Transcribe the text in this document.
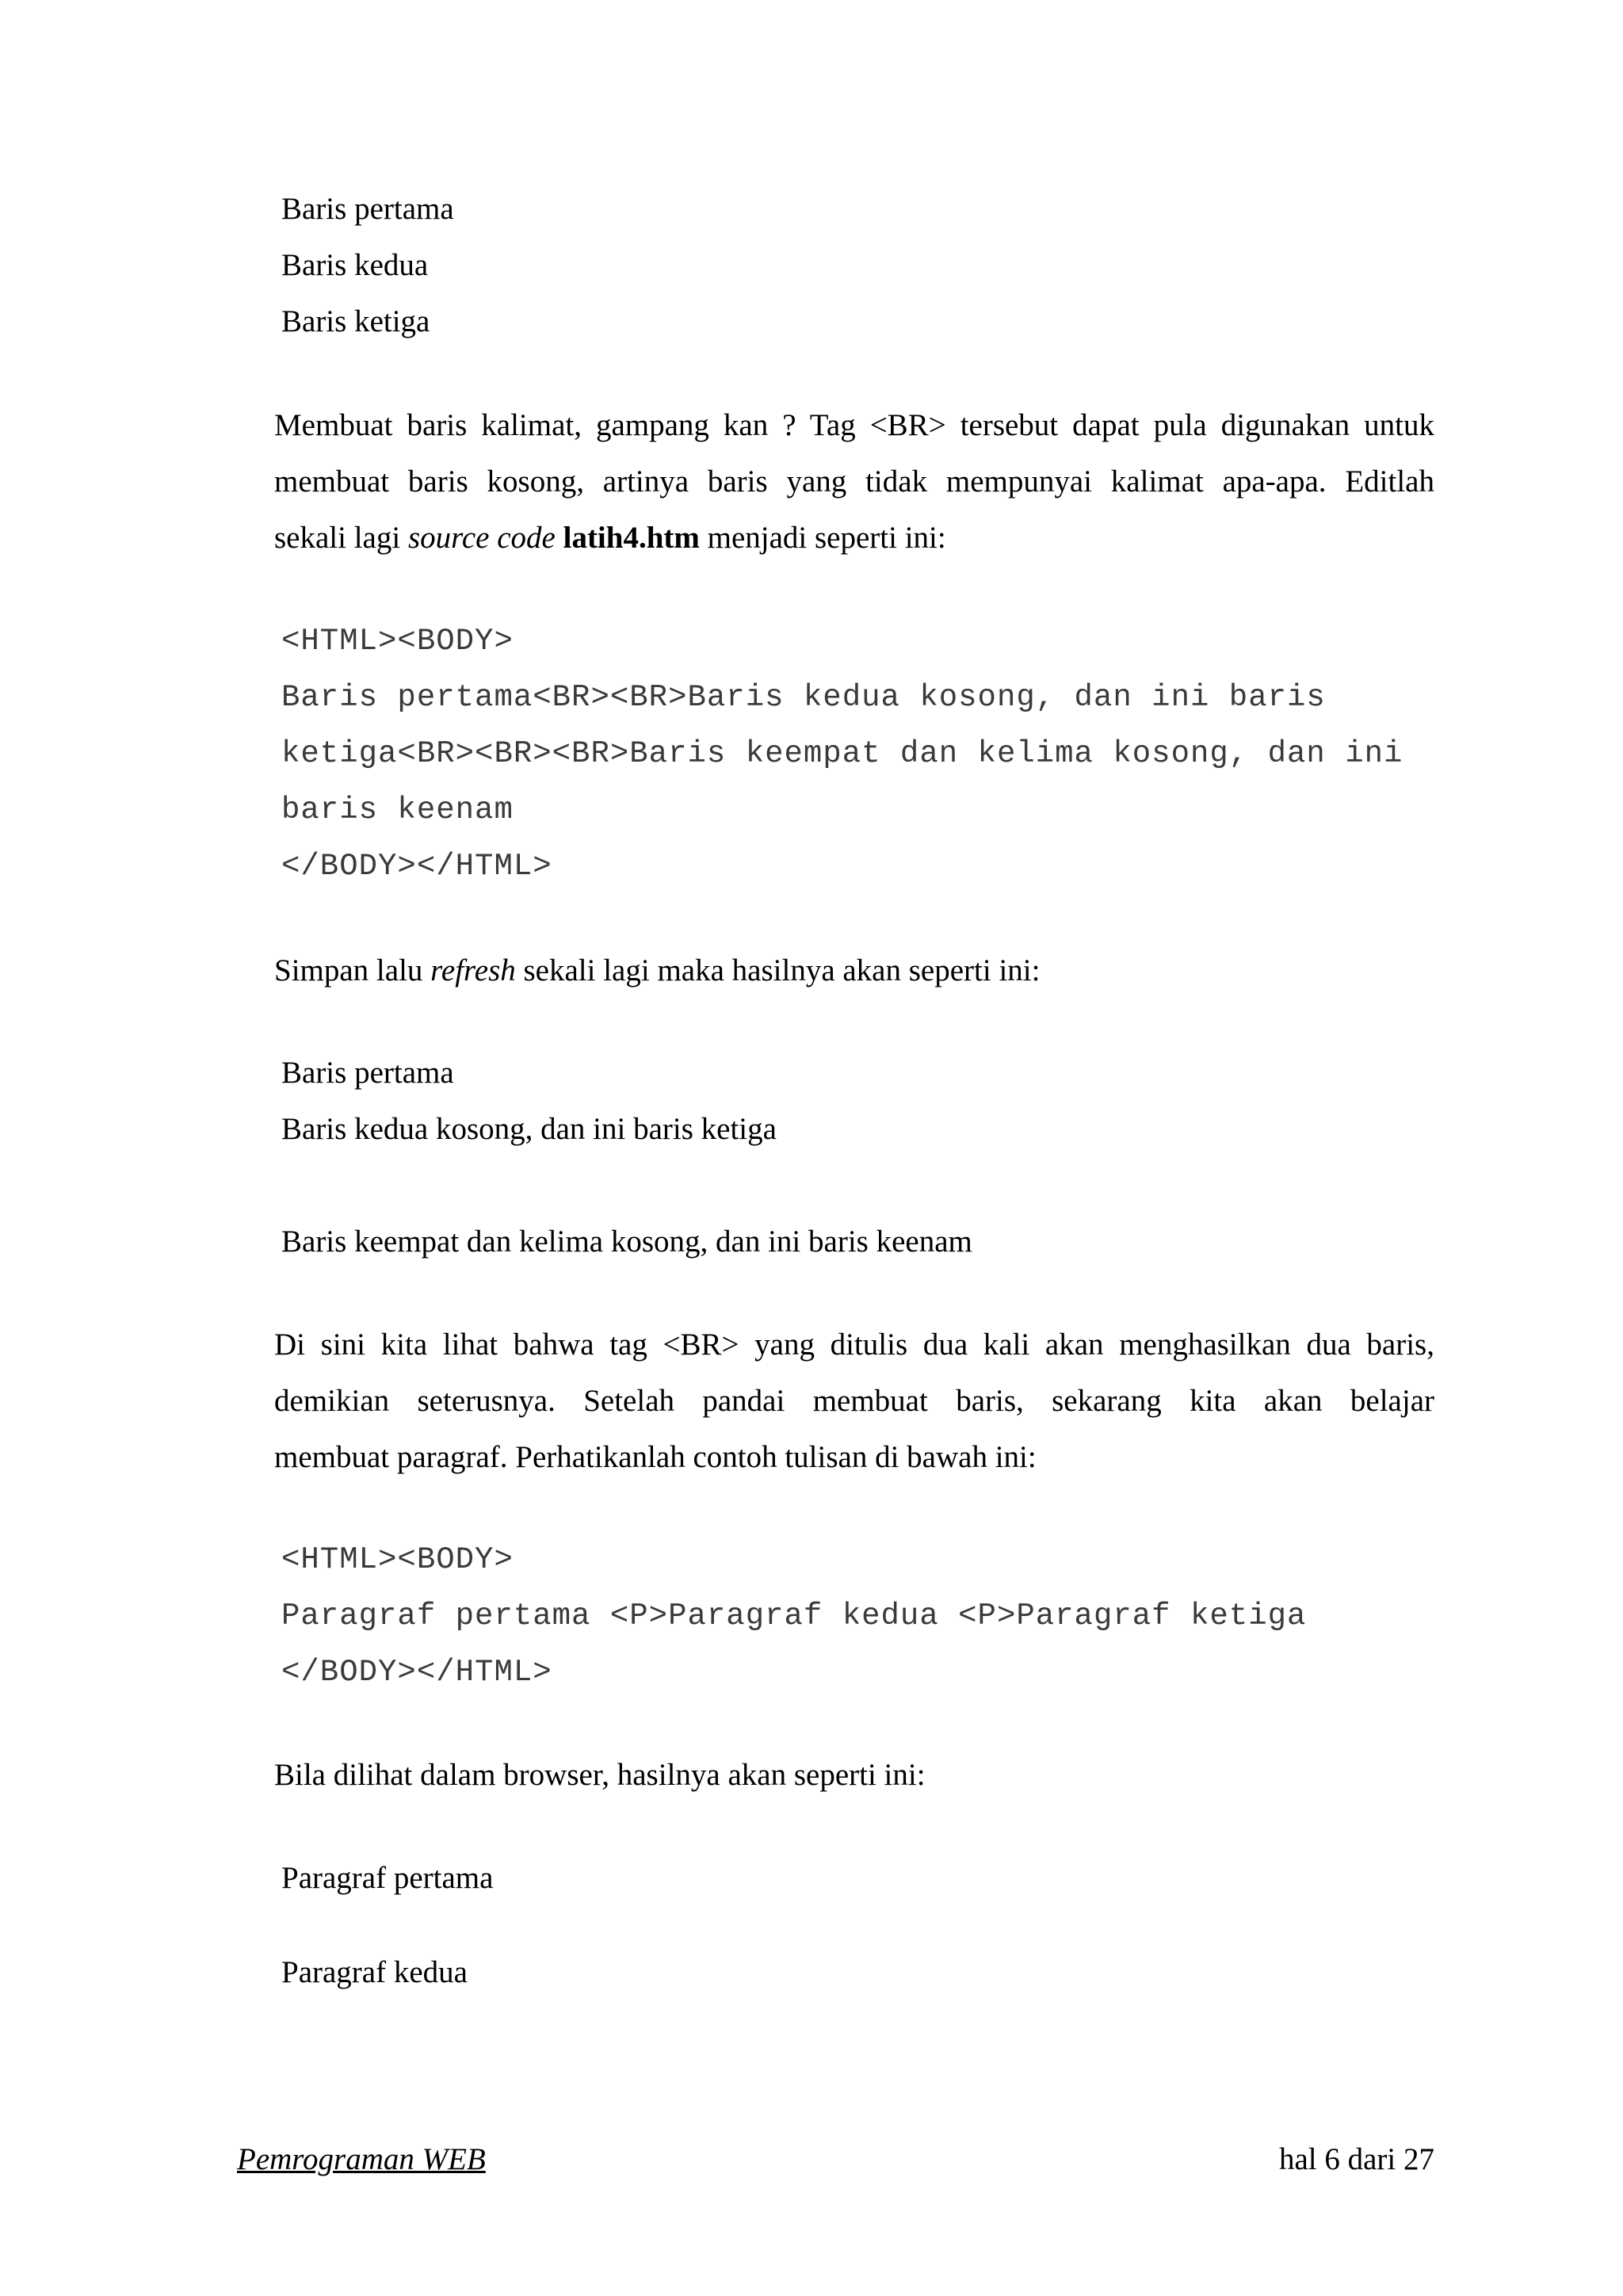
Baris pertama
Baris kedua
Baris ketiga
Membuat baris kalimat, gampang kan ? Tag <BR> tersebut dapat pula digunakan untuk
membuat baris kosong, artinya baris yang tidak mempunyai kalimat apa-apa. Editlah
sekali lagi source code latih4.htm menjadi seperti ini:
<HTML><BODY>
Baris pertama<BR><BR>Baris kedua kosong, dan ini baris
ketiga<BR><BR><BR>Baris keempat dan kelima kosong, dan ini
baris keenam
</BODY></HTML>
Simpan lalu refresh sekali lagi maka hasilnya akan seperti ini:
Baris pertama
Baris kedua kosong, dan ini baris ketiga
Baris keempat dan kelima kosong, dan ini baris keenam
Di sini kita lihat bahwa tag <BR> yang ditulis dua kali akan menghasilkan dua baris,
demikian seterusnya. Setelah pandai membuat baris, sekarang kita akan belajar
membuat paragraf. Perhatikanlah contoh tulisan di bawah ini:
<HTML><BODY>
Paragraf pertama <P>Paragraf kedua <P>Paragraf ketiga
</BODY></HTML>
Bila dilihat dalam browser, hasilnya akan seperti ini:
Paragraf pertama
Paragraf kedua
Pemrograman WEB	hal 6 dari 27
